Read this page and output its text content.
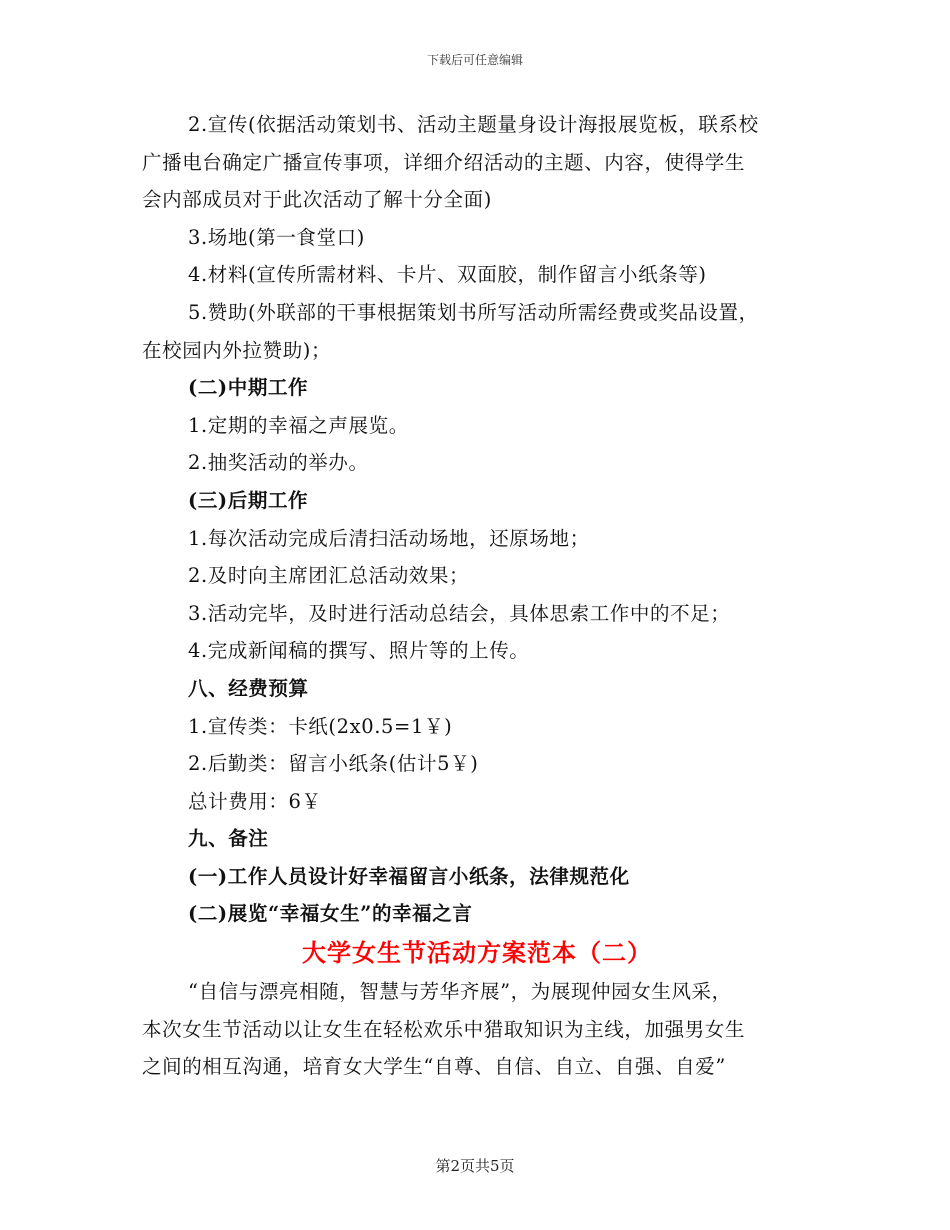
下载后可任意编辑
2.宣传(依据活动策划书、活动主题量身设计海报展览板，联系校
广播电台确定广播宣传事项，详细介绍活动的主题、内容，使得学生
会内部成员对于此次活动了解十分全面)
3.场地(第一食堂口)
4.材料(宣传所需材料、卡片、双面胶，制作留言小纸条等)
5.赞助(外联部的干事根据策划书所写活动所需经费或奖品设置，
在校园内外拉赞助)；
(二)中期工作
1.定期的幸福之声展览。
2.抽奖活动的举办。
(三)后期工作
1.每次活动完成后清扫活动场地，还原场地；
2.及时向主席团汇总活动效果；
3.活动完毕，及时进行活动总结会，具体思索工作中的不足；
4.完成新闻稿的撰写、照片等的上传。
八、经费预算
1.宣传类：卡纸(2x0.5=1￥)
2.后勤类：留言小纸条(估计5￥)
总计费用：6￥
九、备注
(一)工作人员设计好幸福留言小纸条，法律规范化
(二)展览“幸福女生”的幸福之言
大学女生节活动方案范本（二）
“自信与漂亮相随，智慧与芳华齐展”，为展现仲园女生风采，
本次女生节活动以让女生在轻松欢乐中猎取知识为主线，加强男女生
之间的相互沟通，培育女大学生“自尊、自信、自立、自强、自爱”
第2页共5页
